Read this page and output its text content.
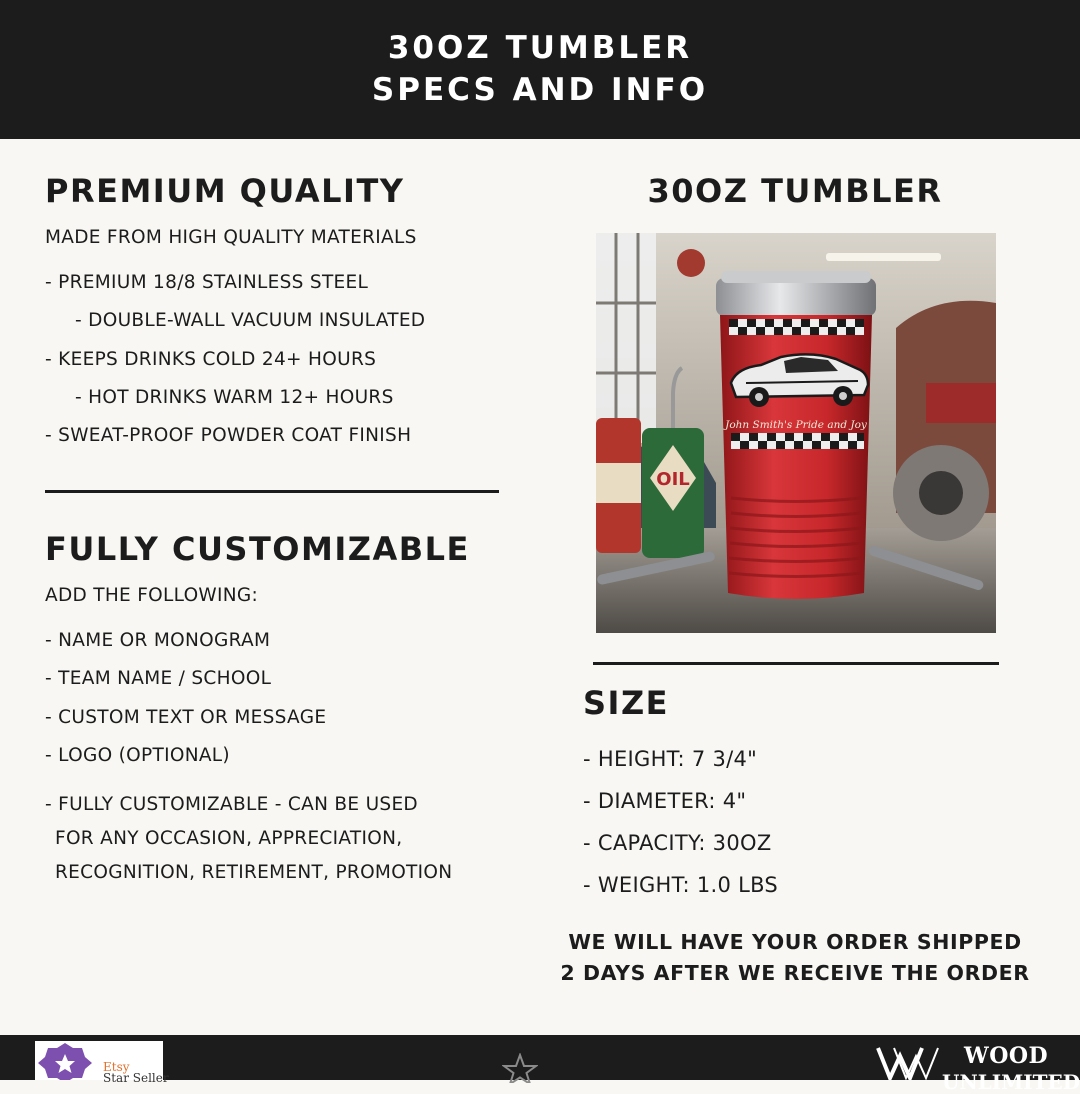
30OZ TUMBLER
SPECS AND INFO
PREMIUM QUALITY
MADE FROM HIGH QUALITY MATERIALS
- PREMIUM 18/8 STAINLESS STEEL
- DOUBLE-WALL VACUUM INSULATED
- KEEPS DRINKS COLD 24+ HOURS
- HOT DRINKS WARM 12+ HOURS
- SWEAT-PROOF POWDER COAT FINISH
FULLY CUSTOMIZABLE
ADD THE FOLLOWING:
- NAME OR MONOGRAM
- TEAM NAME / SCHOOL
- CUSTOM TEXT OR MESSAGE
- LOGO (OPTIONAL)
- FULLY CUSTOMIZABLE - CAN BE USED
FOR ANY OCCASION, APPRECIATION,
RECOGNITION, RETIREMENT, PROMOTION
30OZ TUMBLER
OIL
John Smith's Pride and Joy
SIZE
- HEIGHT: 7 3/4"
- DIAMETER: 4"
- CAPACITY: 30OZ
- WEIGHT: 1.0 LBS
WE WILL HAVE YOUR ORDER SHIPPED
2 DAYS AFTER WE RECEIVE THE ORDER
Etsy
Star Seller
WOOD
UNLIMITED
